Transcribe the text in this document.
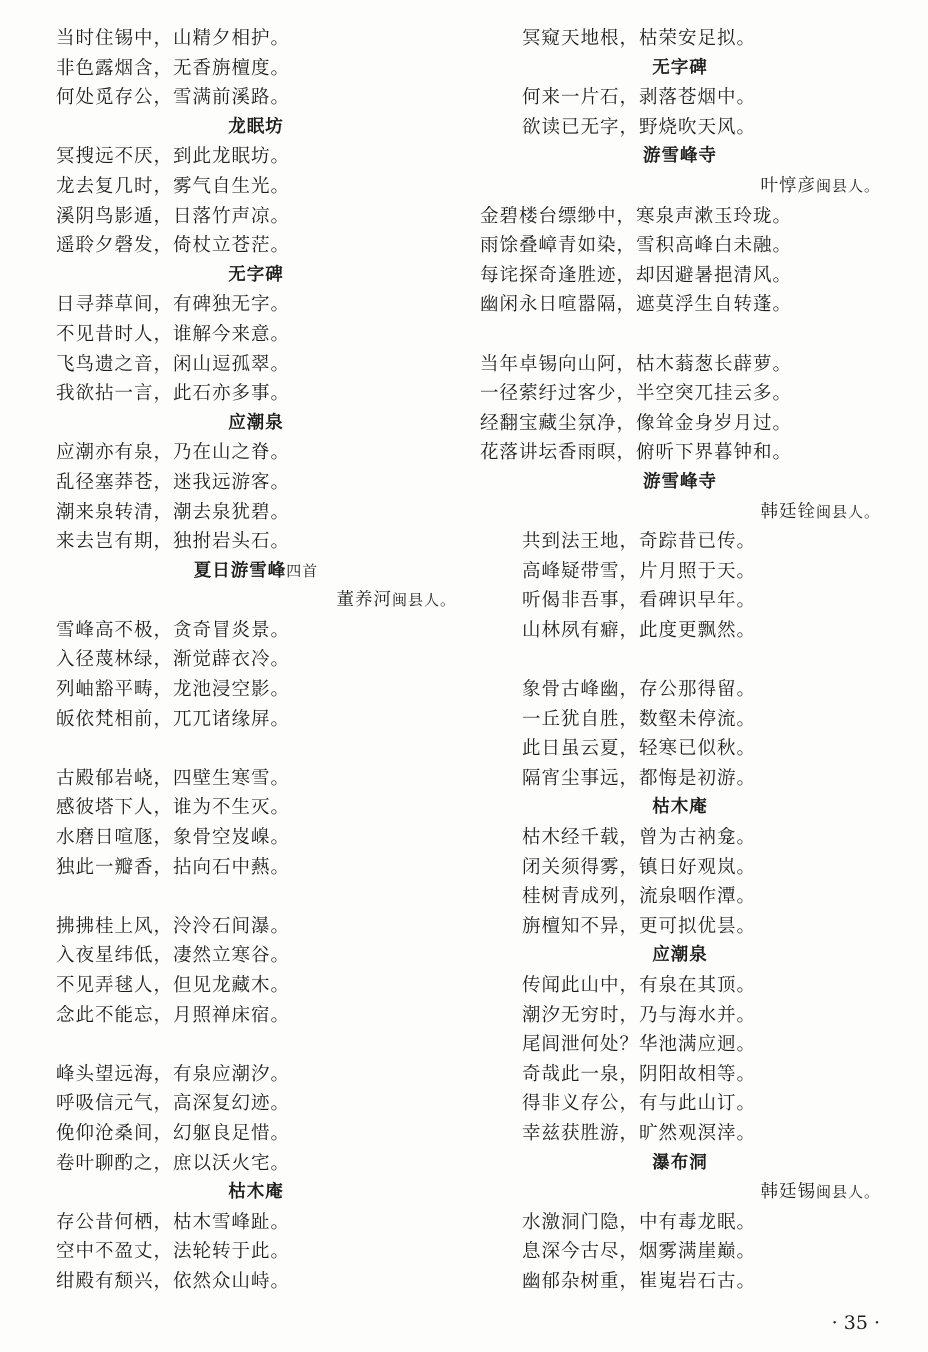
当时住锡中，山精夕相护。
非色露烟含，无香旃檀度。
何处觅存公，雪满前溪路。
龙眠坊
冥搜远不厌，到此龙眠坊。
龙去复几时，雾气自生光。
溪阴鸟影遁，日落竹声凉。
遥聆夕磬发，倚杖立苍茫。
无字碑
日寻莽草间，有碑独无字。
不见昔时人，谁解今来意。
飞鸟遗之音，闲山逗孤翠。
我欲拈一言，此石亦多事。
应潮泉
应潮亦有泉，乃在山之脊。
乱径塞莽苍，迷我远游客。
潮来泉转清，潮去泉犹碧。
来去岂有期，独拊岩头石。
夏日游雪峰四首
董养河闽县人。
雪峰高不极，贪奇冒炎景。
入径蔑林绿，渐觉薜衣冷。
列岫豁平畴，龙池浸空影。
皈依梵相前，兀兀诸缘屏。
古殿郁岩峣，四壁生寒雪。
感彼塔下人，谁为不生灭。
水磨日喧豗，象骨空岌嵲。
独此一瓣香，拈向石中爇。
拂拂桂上风，泠泠石间瀑。
入夜星纬低，凄然立寒谷。
不见弄毬人，但见龙藏木。
念此不能忘，月照禅床宿。
峰头望远海，有泉应潮汐。
呼吸信元气，高深复幻迹。
俛仰沧桑间，幻躯良足惜。
卷叶聊酌之，庶以沃火宅。
枯木庵
存公昔何栖，枯木雪峰趾。
空中不盈丈，法轮转于此。
绀殿有颓兴，依然众山峙。
冥窥天地根，枯荣安足拟。
无字碑
何来一片石，剥落苍烟中。
欲读已无字，野烧吹天风。
游雪峰寺
叶惇彦闽县人。
金碧楼台缥缈中，寒泉声漱玉玲珑。
雨馀叠嶂青如染，雪积高峰白未融。
每诧探奇逢胜迹，却因避暑挹清风。
幽闲永日喧嚣隔，遮莫浮生自转蓬。
当年卓锡向山阿，枯木蓊葱长薜萝。
一径萦纡过客少，半空突兀挂云多。
经翻宝藏尘氛净，像耸金身岁月过。
花落讲坛香雨暝，俯听下界暮钟和。
游雪峰寺
韩廷铨闽县人。
共到法王地，奇踪昔已传。
高峰疑带雪，片月照于天。
听偈非吾事，看碑识早年。
山林夙有癖，此度更飘然。
象骨古峰幽，存公那得留。
一丘犹自胜，数壑未停流。
此日虽云夏，轻寒已似秋。
隔宵尘事远，都悔是初游。
枯木庵
枯木经千载，曾为古衲龛。
闭关须得雾，镇日好观岚。
桂树青成列，流泉咽作潭。
旃檀知不异，更可拟优昙。
应潮泉
传闻此山中，有泉在其顶。
潮汐无穷时，乃与海水并。
尾闾泄何处？华池满应迥。
奇哉此一泉，阴阳故相等。
得非义存公，有与此山订。
幸兹获胜游，旷然观溟涬。
瀑布洞
韩廷锡闽县人。
水激洞门隐，中有毒龙眠。
息深今古尽，烟雾满崖巅。
幽郁杂树重，崔嵬岩石古。
· 35 ·
